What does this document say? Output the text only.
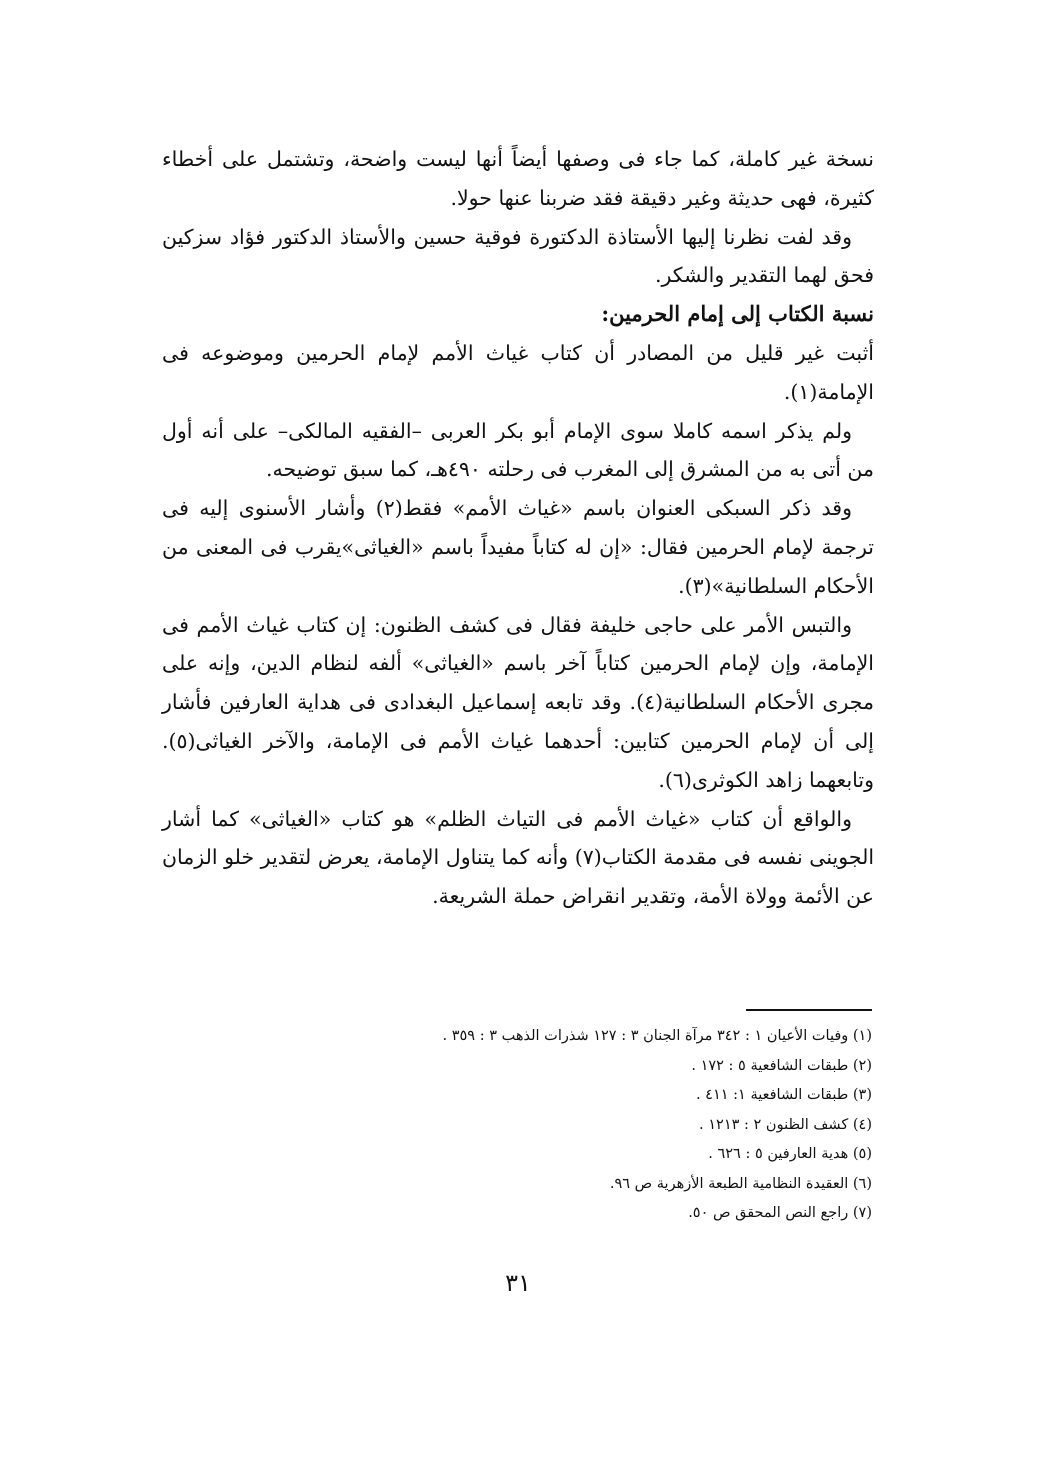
نسخة غير كاملة، كما جاء فى وصفها أيضاً أنها ليست واضحة، وتشتمل على أخطاء كثيرة، فهى حديثة وغير دقيقة فقد ضربنا عنها حولا.

وقد لفت نظرنا إليها الأستاذة الدكتورة فوقية حسين والأستاذ الدكتور فؤاد سزكين فحق لهما التقدير والشكر.

نسبة الكتاب إلى إمام الحرمين:

أثبت غير قليل من المصادر أن كتاب غياث الأمم لإمام الحرمين وموضوعه فى الإمامة(١).

ولم يذكر اسمه كاملا سوى الإمام أبو بكر العربى –الفقيه المالكى– على أنه أول من أتى به من المشرق إلى المغرب فى رحلته ٤٩٠هـ، كما سبق توضيحه.

وقد ذكر السبكى العنوان باسم «غياث الأمم» فقط(٢) وأشار الأسنوى إليه فى ترجمة لإمام الحرمين فقال: «إن له كتاباً مفيداً باسم «الغياثى»يقرب فى المعنى من الأحكام السلطانية»(٣).

والتبس الأمر على حاجى خليفة فقال فى كشف الظنون: إن كتاب غياث الأمم فى الإمامة، وإن لإمام الحرمين كتاباً آخر باسم «الغياثى» ألفه لنظام الدين، وإنه على مجرى الأحكام السلطانية(٤). وقد تابعه إسماعيل البغدادى فى هداية العارفين فأشار إلى أن لإمام الحرمين كتابين: أحدهما غياث الأمم فى الإمامة، والآخر الغياثى(٥). وتابعهما زاهد الكوثرى(٦).

والواقع أن كتاب «غياث الأمم فى التياث الظلم» هو كتاب «الغياثى» كما أشار الجوينى نفسه فى مقدمة الكتاب(٧) وأنه كما يتناول الإمامة، يعرض لتقدير خلو الزمان عن الأئمة وولاة الأمة، وتقدير انقراض حملة الشريعة.

(١) وفيات الأعيان ١ : ٣٤٢ مرآة الجنان ٣ : ١٢٧ شذرات الذهب ٣ : ٣٥٩ .
(٢) طبقات الشافعية ٥ : ١٧٢ .
(٣) طبقات الشافعية ١: ٤١١ .
(٤) كشف الظنون ٢ : ١٢١٣ .
(٥) هدية العارفين ٥ : ٦٢٦ .
(٦) العقيدة النظامية الطبعة الأزهرية ص ٩٦.
(٧) راجع النص المحقق ص ٥٠.
٣١
